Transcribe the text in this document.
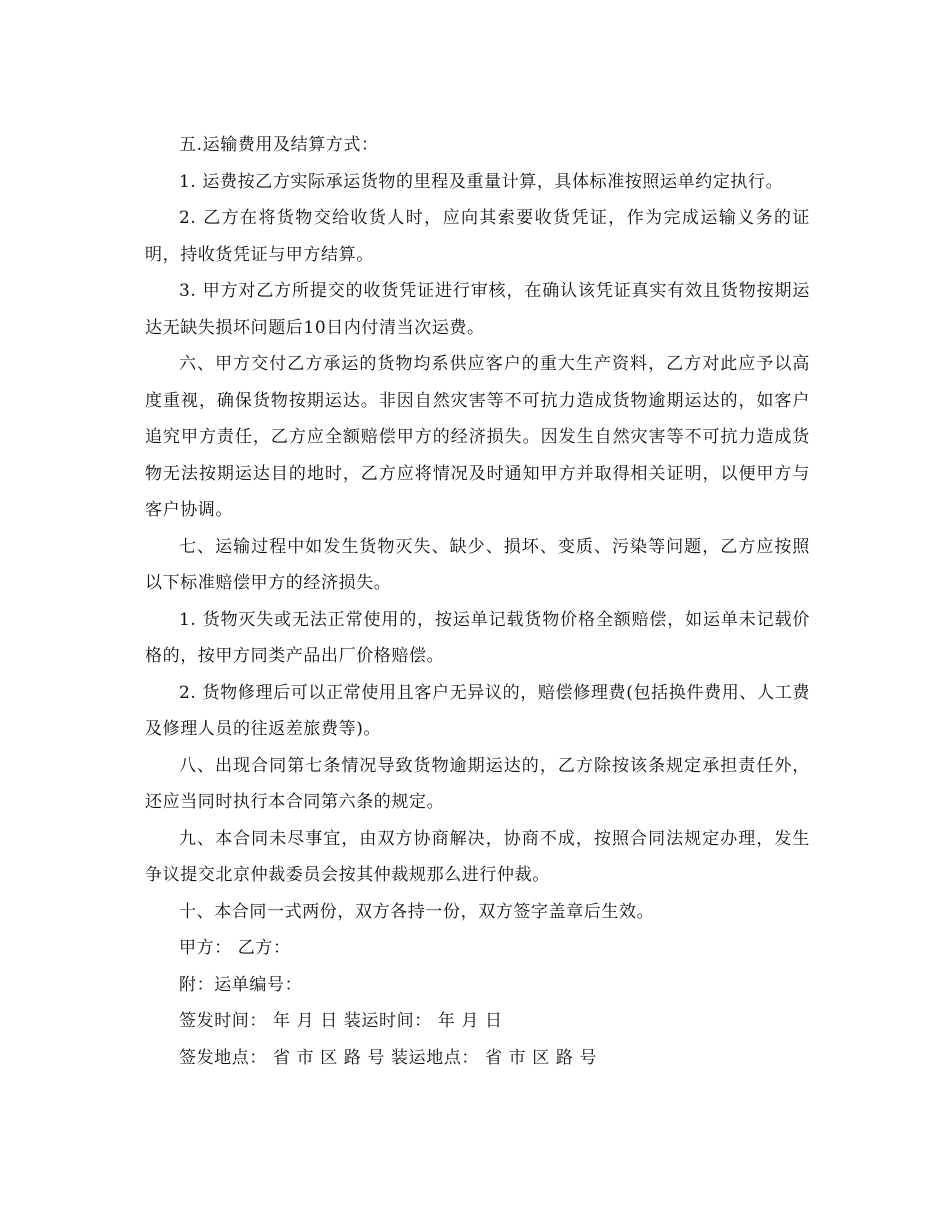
五.运输费用及结算方式：

1. 运费按乙方实际承运货物的里程及重量计算，具体标准按照运单约定执行。

2. 乙方在将货物交给收货人时，应向其索要收货凭证，作为完成运输义务的证明，持收货凭证与甲方结算。

3. 甲方对乙方所提交的收货凭证进行审核，在确认该凭证真实有效且货物按期运达无缺失损坏问题后10日内付清当次运费。

六、甲方交付乙方承运的货物均系供应客户的重大生产资料，乙方对此应予以高度重视，确保货物按期运达。非因自然灾害等不可抗力造成货物逾期运达的，如客户追究甲方责任，乙方应全额赔偿甲方的经济损失。因发生自然灾害等不可抗力造成货物无法按期运达目的地时，乙方应将情况及时通知甲方并取得相关证明，以便甲方与客户协调。

七、运输过程中如发生货物灭失、缺少、损坏、变质、污染等问题，乙方应按照以下标准赔偿甲方的经济损失。

1. 货物灭失或无法正常使用的，按运单记载货物价格全额赔偿，如运单未记载价格的，按甲方同类产品出厂价格赔偿。

2. 货物修理后可以正常使用且客户无异议的，赔偿修理费(包括换件费用、人工费及修理人员的往返差旅费等)。

八、出现合同第七条情况导致货物逾期运达的，乙方除按该条规定承担责任外，还应当同时执行本合同第六条的规定。

九、本合同未尽事宜，由双方协商解决，协商不成，按照合同法规定办理，发生争议提交北京仲裁委员会按其仲裁规那么进行仲裁。

十、本合同一式两份，双方各持一份，双方签字盖章后生效。

甲方： 乙方：

附：运单编号：

签发时间： 年 月 日 装运时间： 年 月 日

签发地点： 省 市 区 路 号 装运地点： 省 市 区 路 号
